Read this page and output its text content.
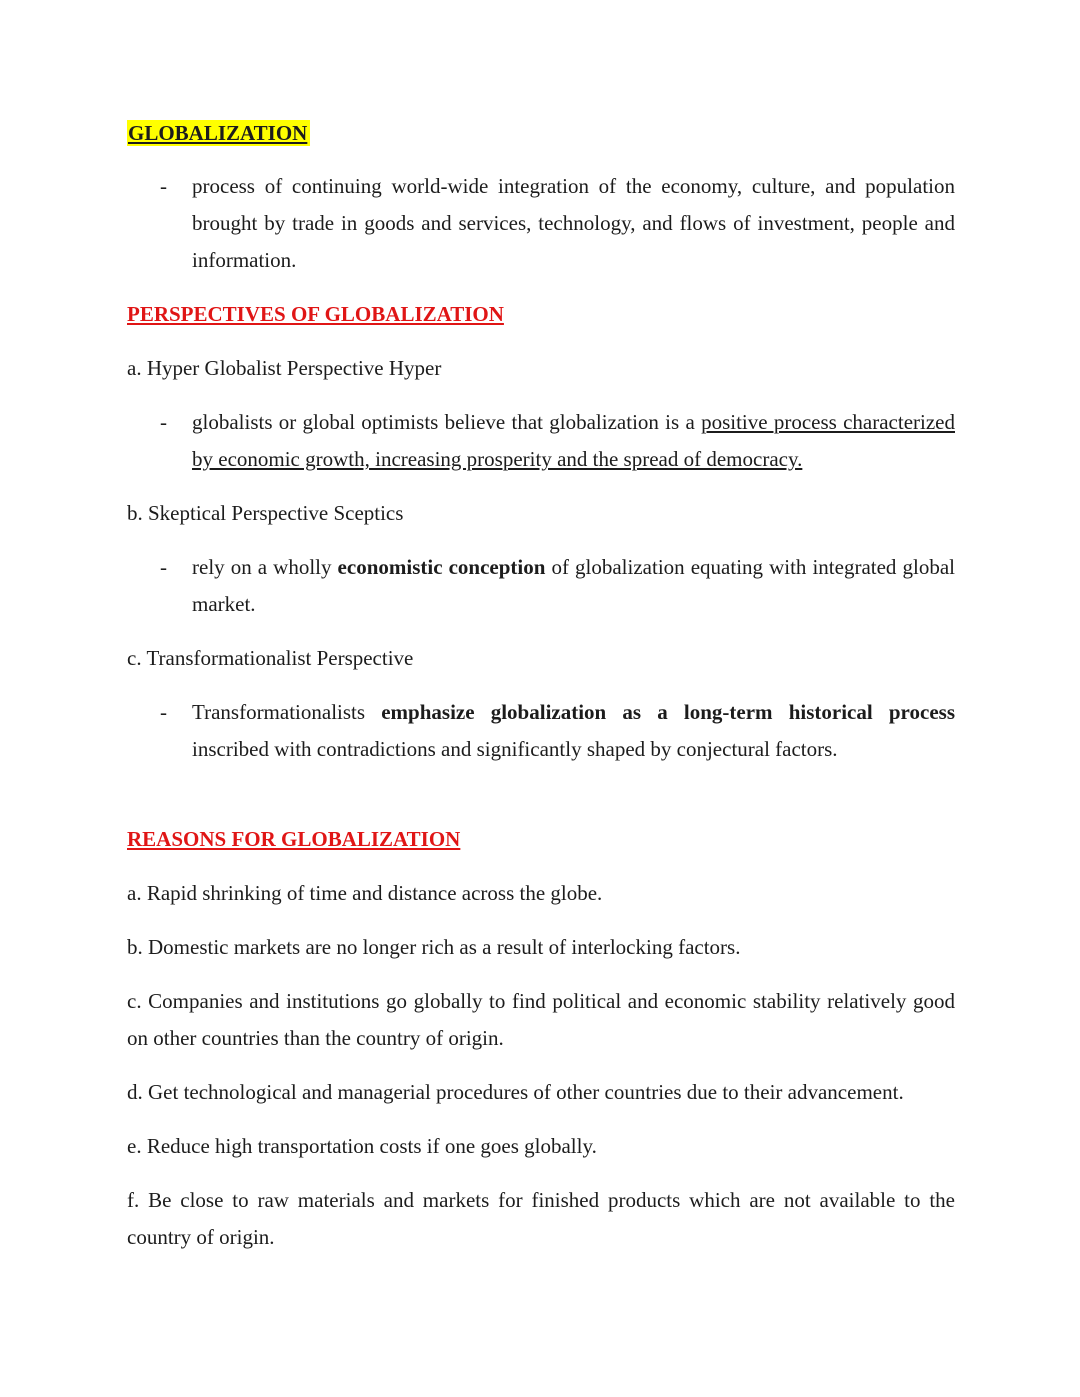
GLOBALIZATION
-	process of continuing world-wide integration of the economy, culture, and population brought by trade in goods and services, technology, and flows of investment, people and information.

PERSPECTIVES OF GLOBALIZATION

a. Hyper Globalist Perspective Hyper

-	globalists or global optimists believe that globalization is a positive process characterized by economic growth, increasing prosperity and the spread of democracy.

b. Skeptical Perspective Sceptics

-	rely on a wholly economistic conception of globalization equating with integrated global market.

c. Transformationalist Perspective

-	Transformationalists emphasize globalization as a long-term historical process inscribed with contradictions and significantly shaped by conjectural factors.

REASONS FOR GLOBALIZATION

a. Rapid shrinking of time and distance across the globe.

b. Domestic markets are no longer rich as a result of interlocking factors.

c. Companies and institutions go globally to find political and economic stability relatively good on other countries than the country of origin.

d. Get technological and managerial procedures of other countries due to their advancement.

e. Reduce high transportation costs if one goes globally.

f. Be close to raw materials and markets for finished products which are not available to the country of origin.
